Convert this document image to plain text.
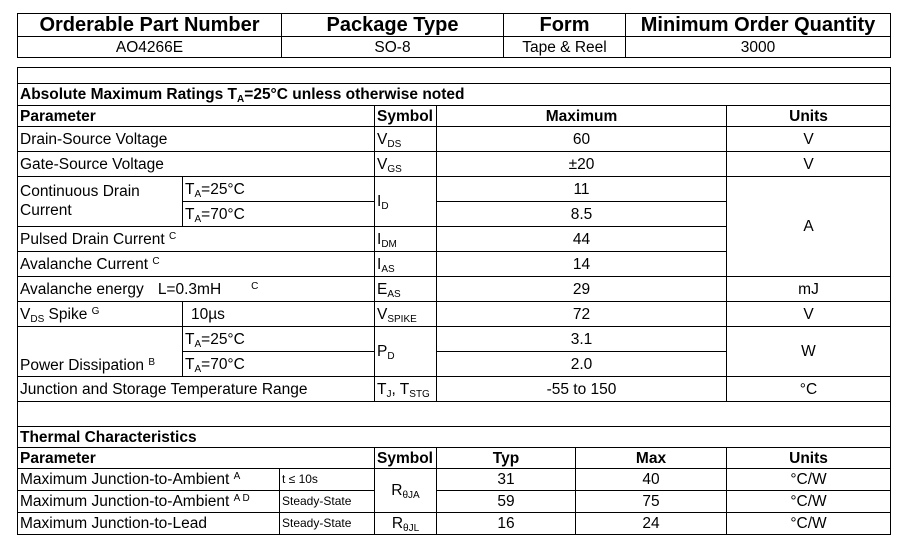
Orderable Part Number	Package Type	Form	Minimum Order Quantity
AO4266E	SO-8	Tape & Reel	3000

Absolute Maximum Ratings $T_A=25^\circ C$ unless otherwise noted				
Parameter		Symbol	Maximum	Units
Drain-Source Voltage		$V_{DS}$	60	V
Gate-Source Voltage		$V_{GS}$	±20	V
Continuous Drain
Current	$T_A=25^\circ C$	$I_D$	11	A
	$T_A=70^\circ C$		8.5	
Pulsed Drain Current $^C$		$I_{DM}$	44	
Avalanche Current $^C$		$I_{AS}$	14	
Avalanche energy L=0.3mH $^C$		$E_{AS}$	29	mJ
$V_{DS}$ Spike $^G$	10µs	$V_{SPIKE}$	72	V
Power Dissipation $^B$	$T_A=25^\circ C$	$P_D$	3.1	W
	$T_A=70^\circ C$		2.0	
Junction and Storage Temperature Range		$T_J$, $T_{STG}$	-55 to 150	°C

Thermal Characteristics					
Parameter		Symbol	Typ	Max	Units
Maximum Junction-to-Ambient $^A$	t ≤ 10s	$R_{\theta JA}$	31	40	°C/W
Maximum Junction-to-Ambient $^{A D}$	Steady-State		59	75	°C/W
Maximum Junction-to-Lead	Steady-State	$R_{\theta JL}$	16	24	°C/W
